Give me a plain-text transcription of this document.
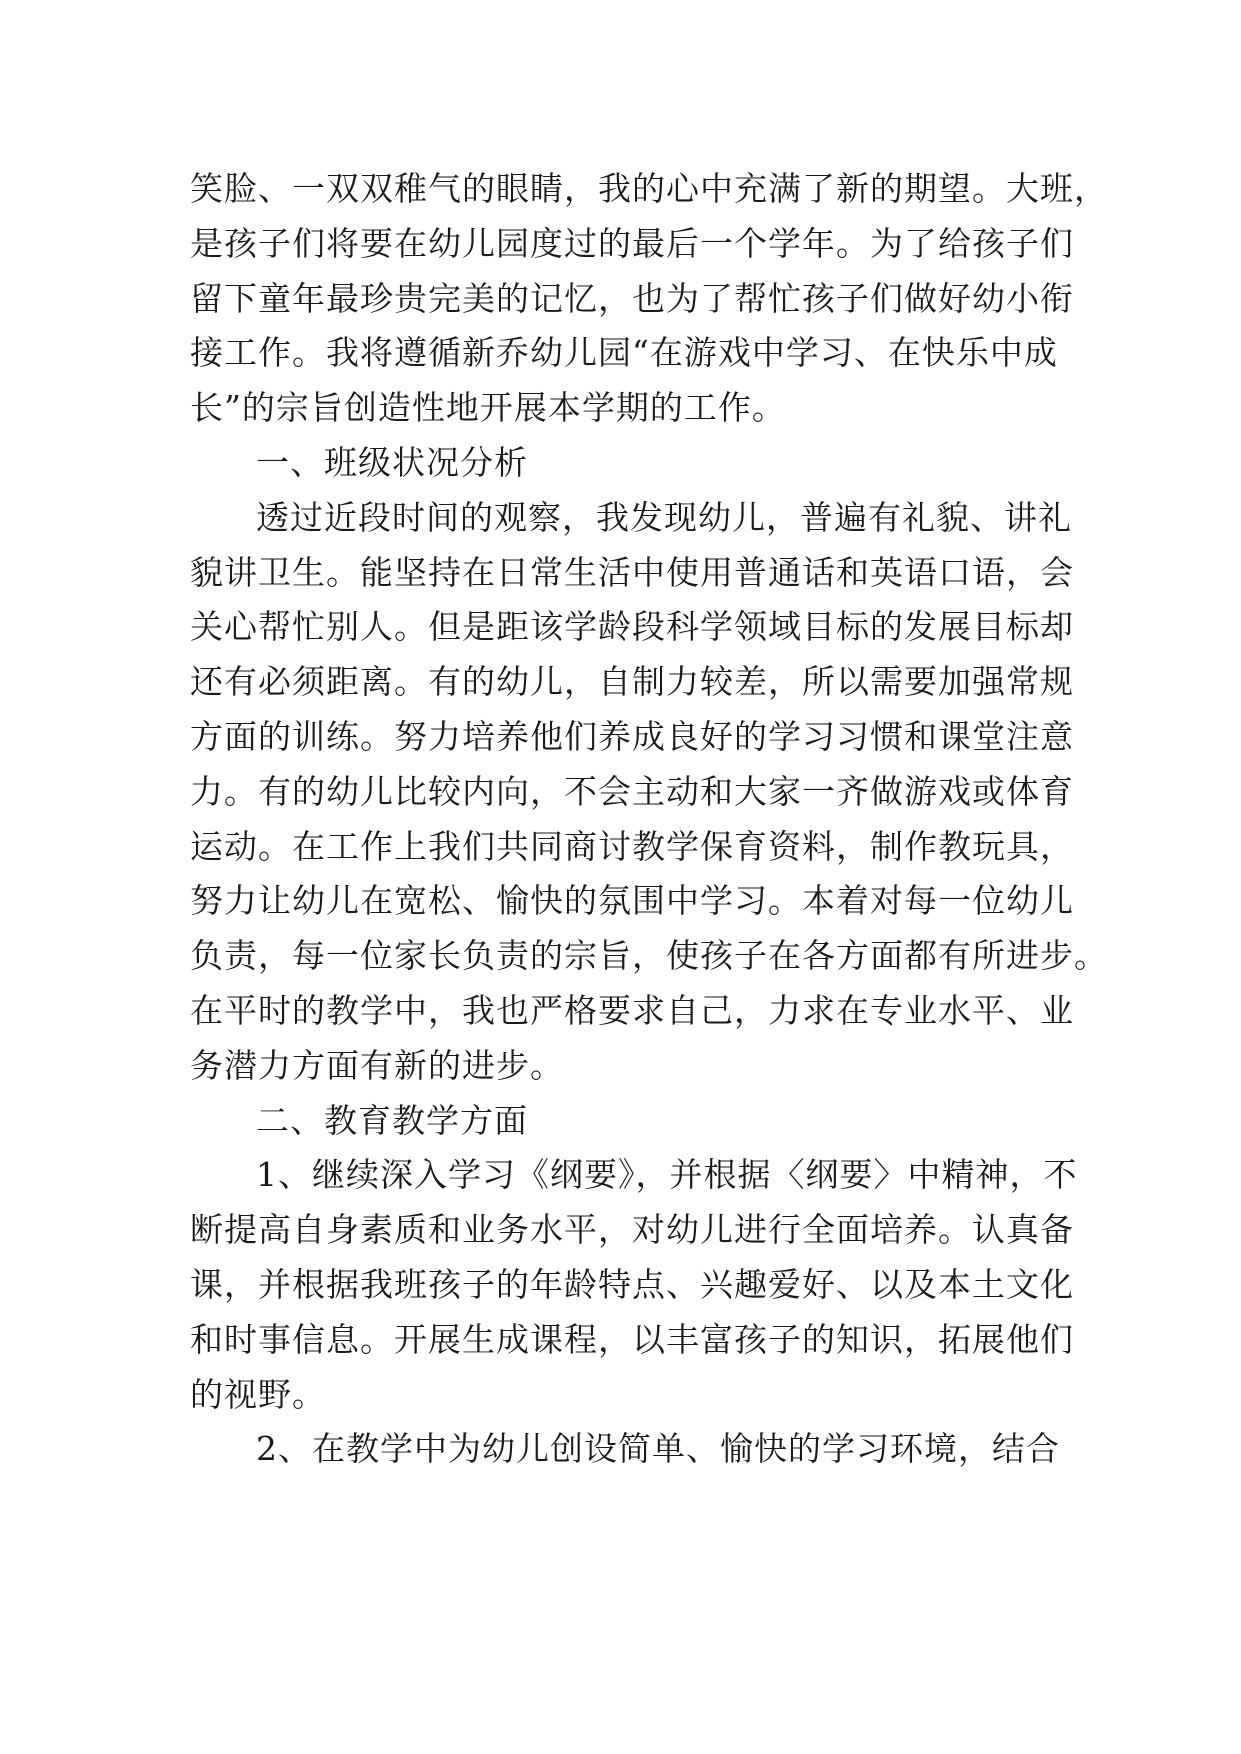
笑脸、一双双稚气的眼睛，我的心中充满了新的期望。大班，
是孩子们将要在幼儿园度过的最后一个学年。为了给孩子们
留下童年最珍贵完美的记忆，也为了帮忙孩子们做好幼小衔
接工作。我将遵循新乔幼儿园“在游戏中学习、在快乐中成
长”的宗旨创造性地开展本学期的工作。
一、班级状况分析
透过近段时间的观察，我发现幼儿，普遍有礼貌、讲礼
貌讲卫生。能坚持在日常生活中使用普通话和英语口语，会
关心帮忙别人。但是距该学龄段科学领域目标的发展目标却
还有必须距离。有的幼儿，自制力较差，所以需要加强常规
方面的训练。努力培养他们养成良好的学习习惯和课堂注意
力。有的幼儿比较内向，不会主动和大家一齐做游戏或体育
运动。在工作上我们共同商讨教学保育资料，制作教玩具，
努力让幼儿在宽松、愉快的氛围中学习。本着对每一位幼儿
负责，每一位家长负责的宗旨，使孩子在各方面都有所进步。
在平时的教学中，我也严格要求自己，力求在专业水平、业
务潜力方面有新的进步。
二、教育教学方面
1、继续深入学习《纲要》，并根据〈纲要〉中精神，不
断提高自身素质和业务水平，对幼儿进行全面培养。认真备
课，并根据我班孩子的年龄特点、兴趣爱好、以及本土文化
和时事信息。开展生成课程，以丰富孩子的知识，拓展他们
的视野。
2、在教学中为幼儿创设简单、愉快的学习环境，结合
